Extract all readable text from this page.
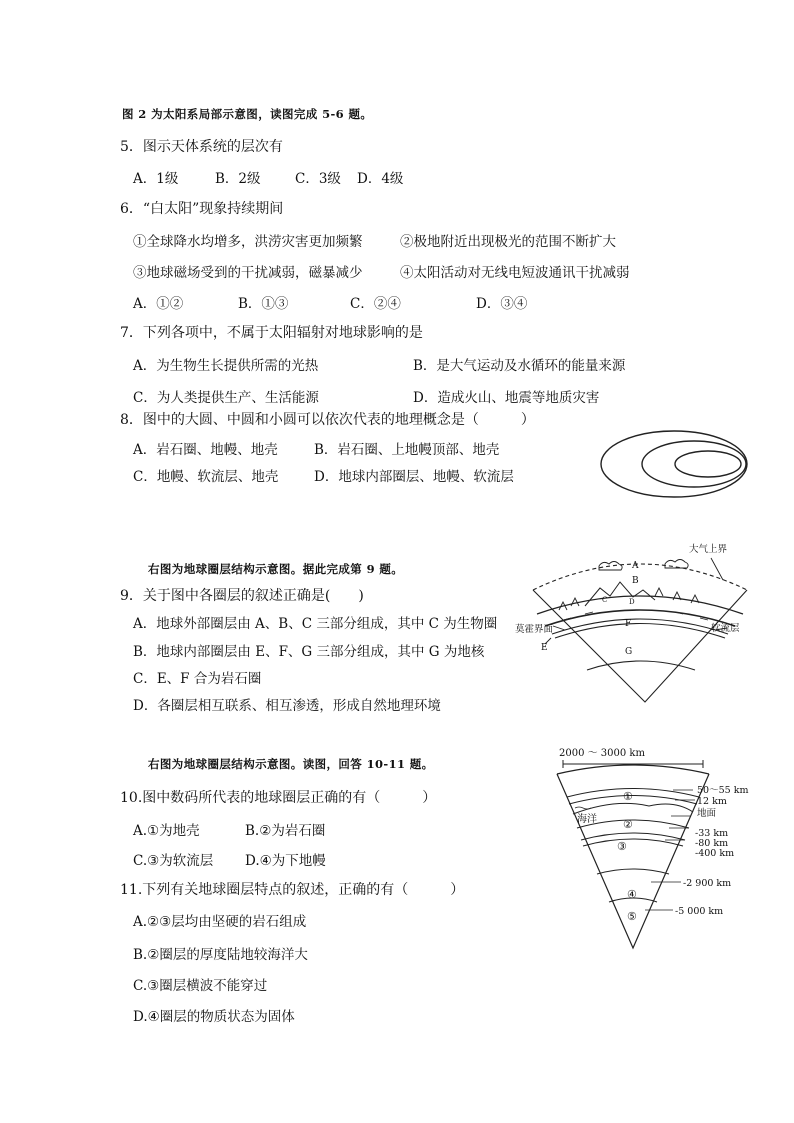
图 2 为太阳系局部示意图，读图完成 5-6 题。
5．图示天体系统的层次有
A．1级	B．2级	C．3级 D．4级
6．“白太阳”现象持续期间
①全球降水均增多，洪涝灾害更加频繁	②极地附近出现极光的范围不断扩大
③地球磁场受到的干扰减弱，磁暴减少	④太阳活动对无线电短波通讯干扰减弱
A．①②	B．①③	C．②④	D．③④
7．下列各项中，不属于太阳辐射对地球影响的是
A．为生物生长提供所需的光热	B．是大气运动及水循环的能量来源
C．为人类提供生产、生活能源	D．造成火山、地震等地质灾害
8．图中的大圆、中圆和小圆可以依次代表的地理概念是（　　　）
A．岩石圈、地幔、地壳	B．岩石圈、上地幔顶部、地壳
C．地幔、软流层、地壳	D．地球内部圈层、地幔、软流层
右图为地球圈层结构示意图。据此完成第 9 题。
9．关于图中各圈层的叙述正确是(　　)
A．地球外部圈层由 A、B、C 三部分组成，其中 C 为生物圈
B．地球内部圈层由 E、F、G 三部分组成，其中 G 为地核
C．E、F 合为岩石圈
D．各圈层相互联系、相互渗透，形成自然地理环境
大气上界
A
B
C	D
莫霍界面	软流层
E
F
G
右图为地球圈层结构示意图。读图，回答 10-11 题。
10.图中数码所代表的地球圈层正确的有（　　　）
A.①为地壳	B.②为岩石圈
C.③为软流层 D.④为下地幔
11.下列有关地球圈层特点的叙述，正确的有（　　　）
A.②③层均由坚硬的岩石组成
B.②圈层的厚度陆地较海洋大
C.③圈层横波不能穿过
D.④圈层的物质状态为固体
2000 ～ 3000 km
50～55 km
12 km
地面
-33 km
-80 km
-400 km
-2 900 km
-5 000 km
海洋
①
②
③
④
⑤
